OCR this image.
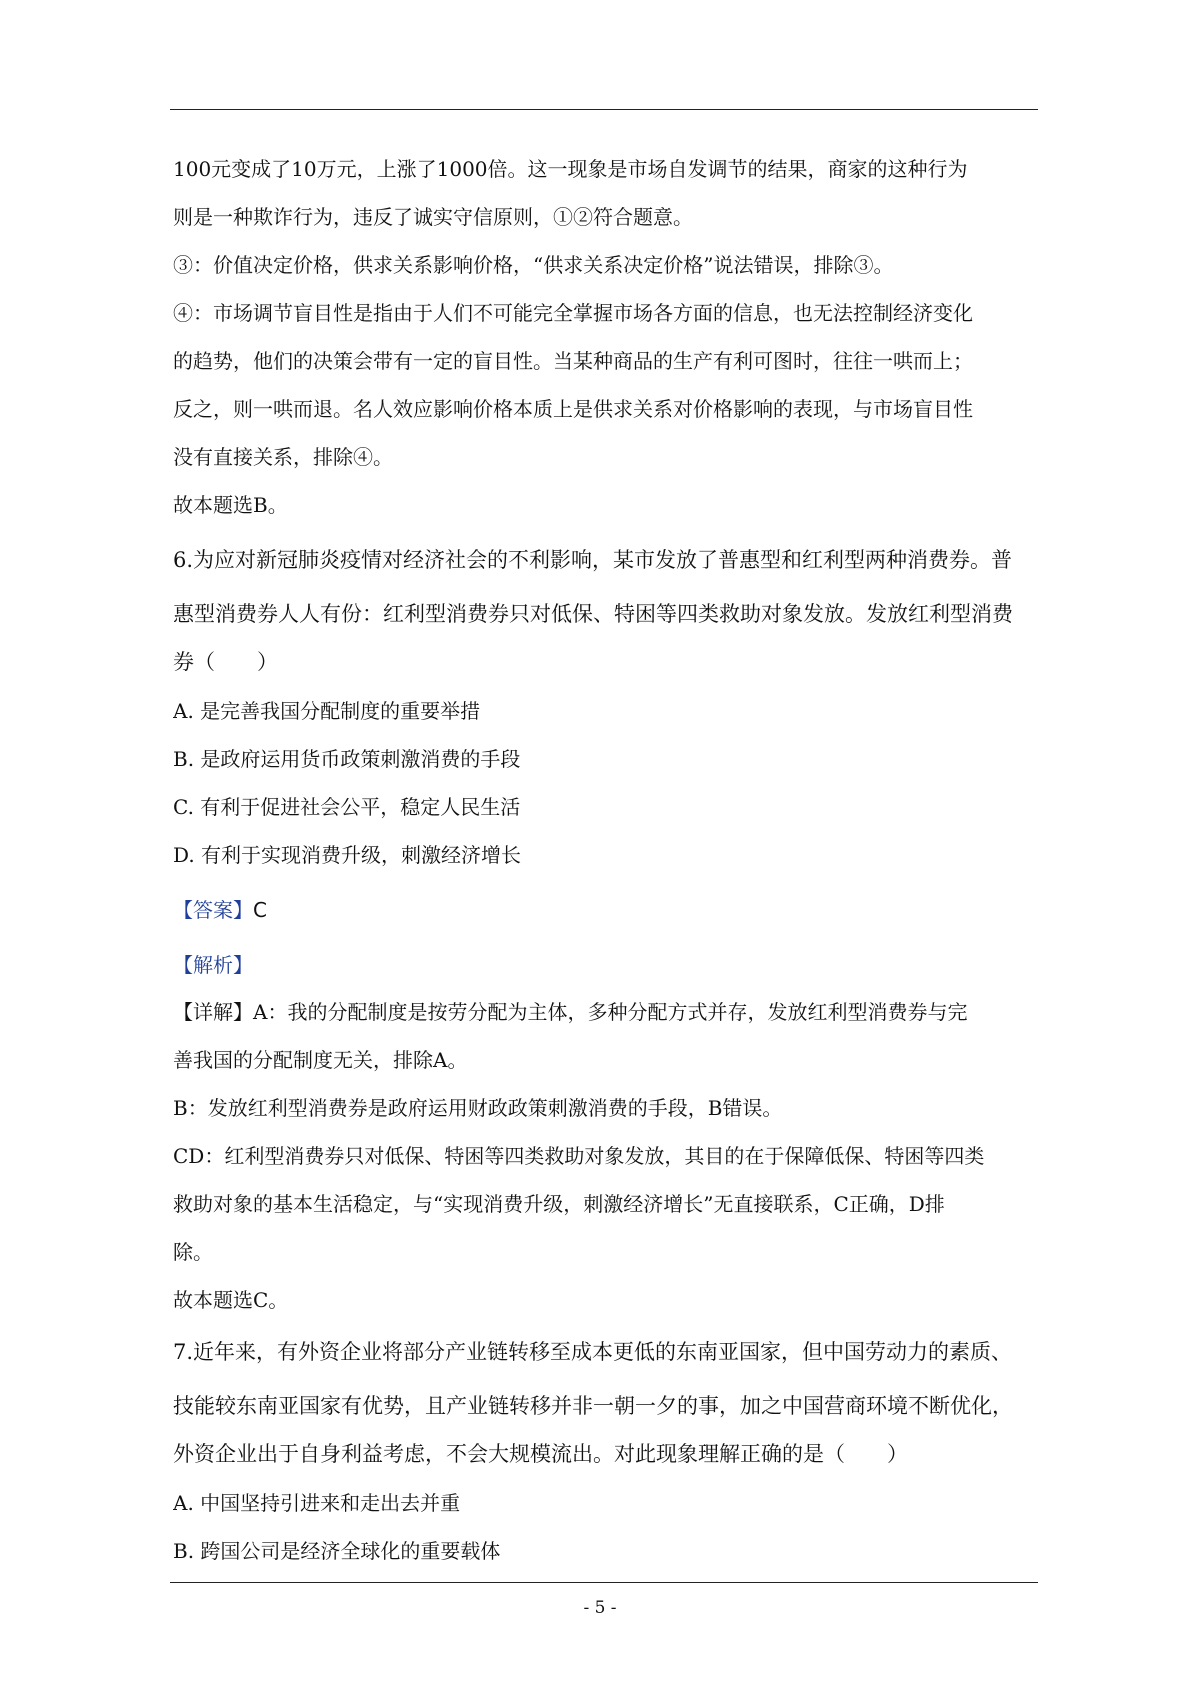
100元变成了10万元，上涨了1000倍。这一现象是市场自发调节的结果，商家的这种行为
则是一种欺诈行为，违反了诚实守信原则，①②符合题意。
③：价值决定价格，供求关系影响价格，“供求关系决定价格”说法错误，排除③。
④：市场调节盲目性是指由于人们不可能完全掌握市场各方面的信息，也无法控制经济变化
的趋势，他们的决策会带有一定的盲目性。当某种商品的生产有利可图时，往往一哄而上；
反之，则一哄而退。名人效应影响价格本质上是供求关系对价格影响的表现，与市场盲目性
没有直接关系，排除④。
故本题选B。
6.为应对新冠肺炎疫情对经济社会的不利影响，某市发放了普惠型和红利型两种消费券。普
惠型消费券人人有份：红利型消费券只对低保、特困等四类救助对象发放。发放红利型消费
券（　　）
A. 是完善我国分配制度的重要举措
B. 是政府运用货币政策刺激消费的手段
C. 有利于促进社会公平，稳定人民生活
D. 有利于实现消费升级，刺激经济增长
【答案】C
【解析】
【详解】A：我的分配制度是按劳分配为主体，多种分配方式并存，发放红利型消费券与完
善我国的分配制度无关，排除A。
B：发放红利型消费券是政府运用财政政策刺激消费的手段，B错误。
CD：红利型消费券只对低保、特困等四类救助对象发放，其目的在于保障低保、特困等四类
救助对象的基本生活稳定，与“实现消费升级，刺激经济增长”无直接联系，C正确，D排
除。
故本题选C。
7.近年来，有外资企业将部分产业链转移至成本更低的东南亚国家，但中国劳动力的素质、
技能较东南亚国家有优势，且产业链转移并非一朝一夕的事，加之中国营商环境不断优化，
外资企业出于自身利益考虑，不会大规模流出。对此现象理解正确的是（　　）
A. 中国坚持引进来和走出去并重
B. 跨国公司是经济全球化的重要载体
- 5 -
